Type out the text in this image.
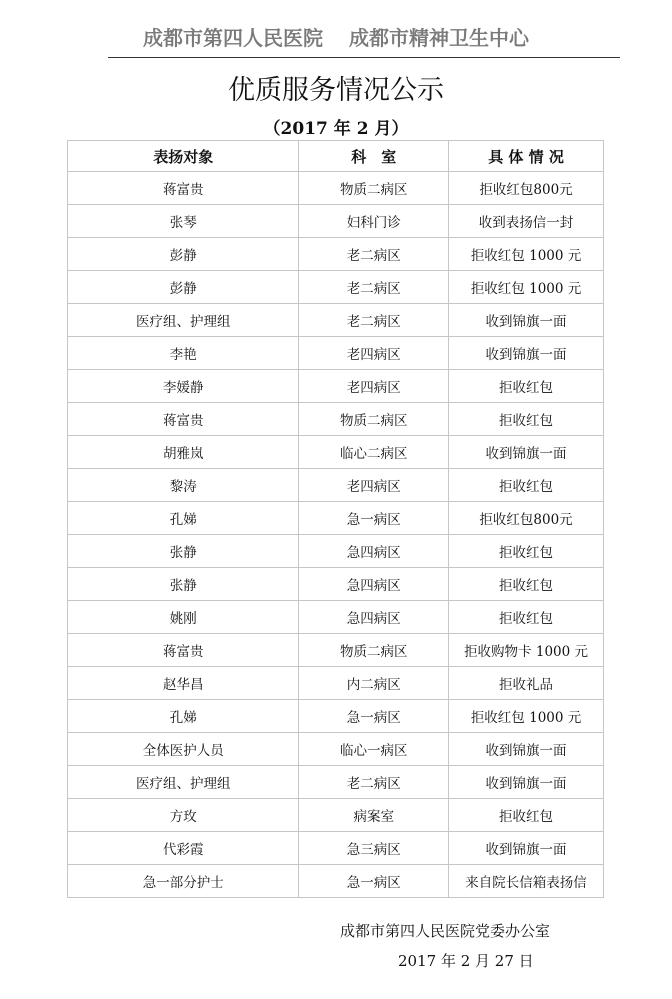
成都市第四人民医院 成都市精神卫生中心
优质服务情况公示
（2017 年 2 月）
表扬对象	科　室	具 体 情 况
蒋富贵	物质二病区	拒收红包800元
张琴	妇科门诊	收到表扬信一封
彭静	老二病区	拒收红包 1000 元
彭静	老二病区	拒收红包 1000 元
医疗组、护理组	老二病区	收到锦旗一面
李艳	老四病区	收到锦旗一面
李媛静	老四病区	拒收红包
蒋富贵	物质二病区	拒收红包
胡雅岚	临心二病区	收到锦旗一面
黎涛	老四病区	拒收红包
孔娣	急一病区	拒收红包800元
张静	急四病区	拒收红包
张静	急四病区	拒收红包
姚刚	急四病区	拒收红包
蒋富贵	物质二病区	拒收购物卡 1000 元
赵华昌	内二病区	拒收礼品
孔娣	急一病区	拒收红包 1000 元
全体医护人员	临心一病区	收到锦旗一面
医疗组、护理组	老二病区	收到锦旗一面
方玫	病案室	拒收红包
代彩霞	急三病区	收到锦旗一面
急一部分护士	急一病区	来自院长信箱表扬信
成都市第四人民医院党委办公室
2017 年 2 月 27 日
